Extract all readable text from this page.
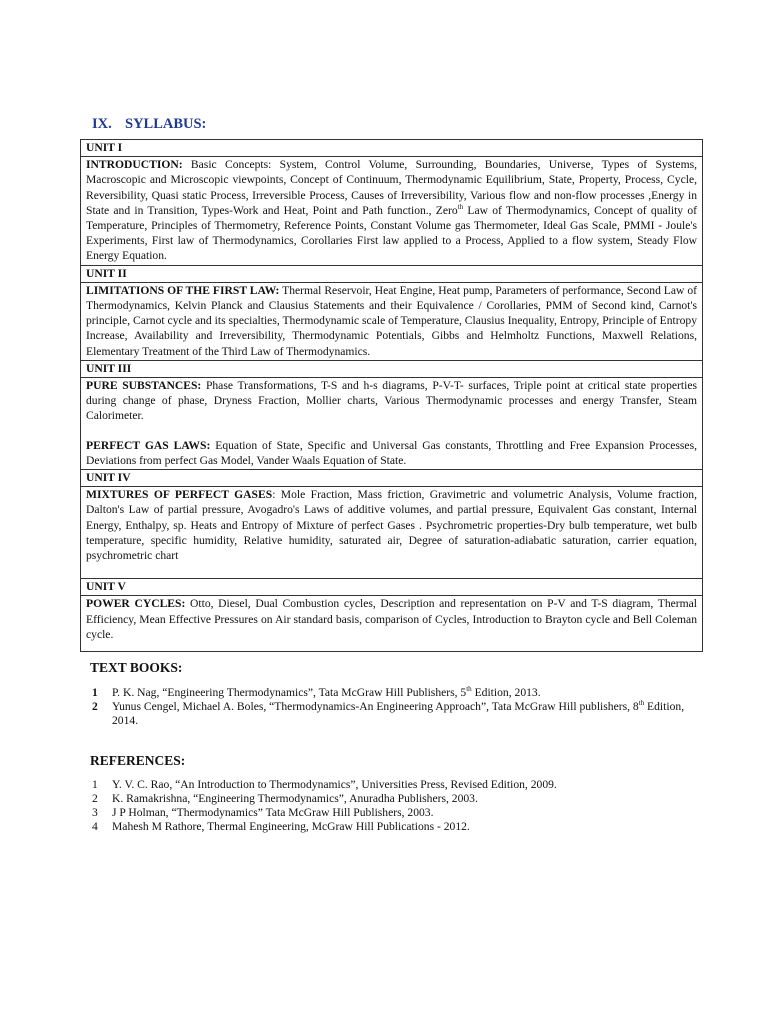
IX. SYLLABUS:
UNIT I
INTRODUCTION: Basic Concepts: System, Control Volume, Surrounding, Boundaries, Universe, Types of Systems, Macroscopic and Microscopic viewpoints, Concept of Continuum, Thermodynamic Equilibrium, State, Property, Process, Cycle, Reversibility, Quasi static Process, Irreversible Process, Causes of Irreversibility, Various flow and non-flow processes ,Energy in State and in Transition, Types-Work and Heat, Point and Path function., Zero$^{th}$ Law of Thermodynamics, Concept of quality of Temperature, Principles of Thermometry, Reference Points, Constant Volume gas Thermometer, Ideal Gas Scale, PMMI - Joule's Experiments, First law of Thermodynamics, Corollaries First law applied to a Process, Applied to a flow system, Steady Flow Energy Equation.
UNIT II
LIMITATIONS OF THE FIRST LAW: Thermal Reservoir, Heat Engine, Heat pump, Parameters of performance, Second Law of Thermodynamics, Kelvin Planck and Clausius Statements and their Equivalence / Corollaries, PMM of Second kind, Carnot's principle, Carnot cycle and its specialties, Thermodynamic scale of Temperature, Clausius Inequality, Entropy, Principle of Entropy Increase, Availability and Irreversibility, Thermodynamic Potentials, Gibbs and Helmholtz Functions, Maxwell Relations, Elementary Treatment of the Third Law of Thermodynamics.
UNIT III

PURE SUBSTANCES: Phase Transformations, T-S and h-s diagrams, P-V-T- surfaces, Triple point at critical state properties during change of phase, Dryness Fraction, Mollier charts, Various Thermodynamic processes and energy Transfer, Steam Calorimeter.
PERFECT GAS LAWS: Equation of State, Specific and Universal Gas constants, Throttling and Free Expansion Processes, Deviations from perfect Gas Model, Vander Waals Equation of State.

UNIT IV
MIXTURES OF PERFECT GASES: Mole Fraction, Mass friction, Gravimetric and volumetric Analysis, Volume fraction, Dalton's Law of partial pressure, Avogadro's Laws of additive volumes, and partial pressure, Equivalent Gas constant, Internal Energy, Enthalpy, sp. Heats and Entropy of Mixture of perfect Gases . Psychrometric properties-Dry bulb temperature, wet bulb temperature, specific humidity, Relative humidity, saturated air, Degree of saturation-adiabatic saturation, carrier equation, psychrometric chart

UNIT V
POWER CYCLES: Otto, Diesel, Dual Combustion cycles, Description and representation on P-V and T-S diagram, Thermal Efficiency, Mean Effective Pressures on Air standard basis, comparison of Cycles, Introduction to Brayton cycle and Bell Coleman cycle.
TEXT BOOKS:
1 P. K. Nag, “Engineering Thermodynamics”, Tata McGraw Hill Publishers, 5th Edition, 2013.
2 Yunus Cengel, Michael A. Boles, “Thermodynamics-An Engineering Approach”, Tata McGraw Hill publishers, 8th Edition, 2014.
REFERENCES:
1 Y. V. C. Rao, “An Introduction to Thermodynamics”, Universities Press, Revised Edition, 2009.
2 K. Ramakrishna, “Engineering Thermodynamics”, Anuradha Publishers, 2003.
3 J P Holman, “Thermodynamics” Tata McGraw Hill Publishers, 2003.
4 Mahesh M Rathore, Thermal Engineering, McGraw Hill Publications - 2012.
